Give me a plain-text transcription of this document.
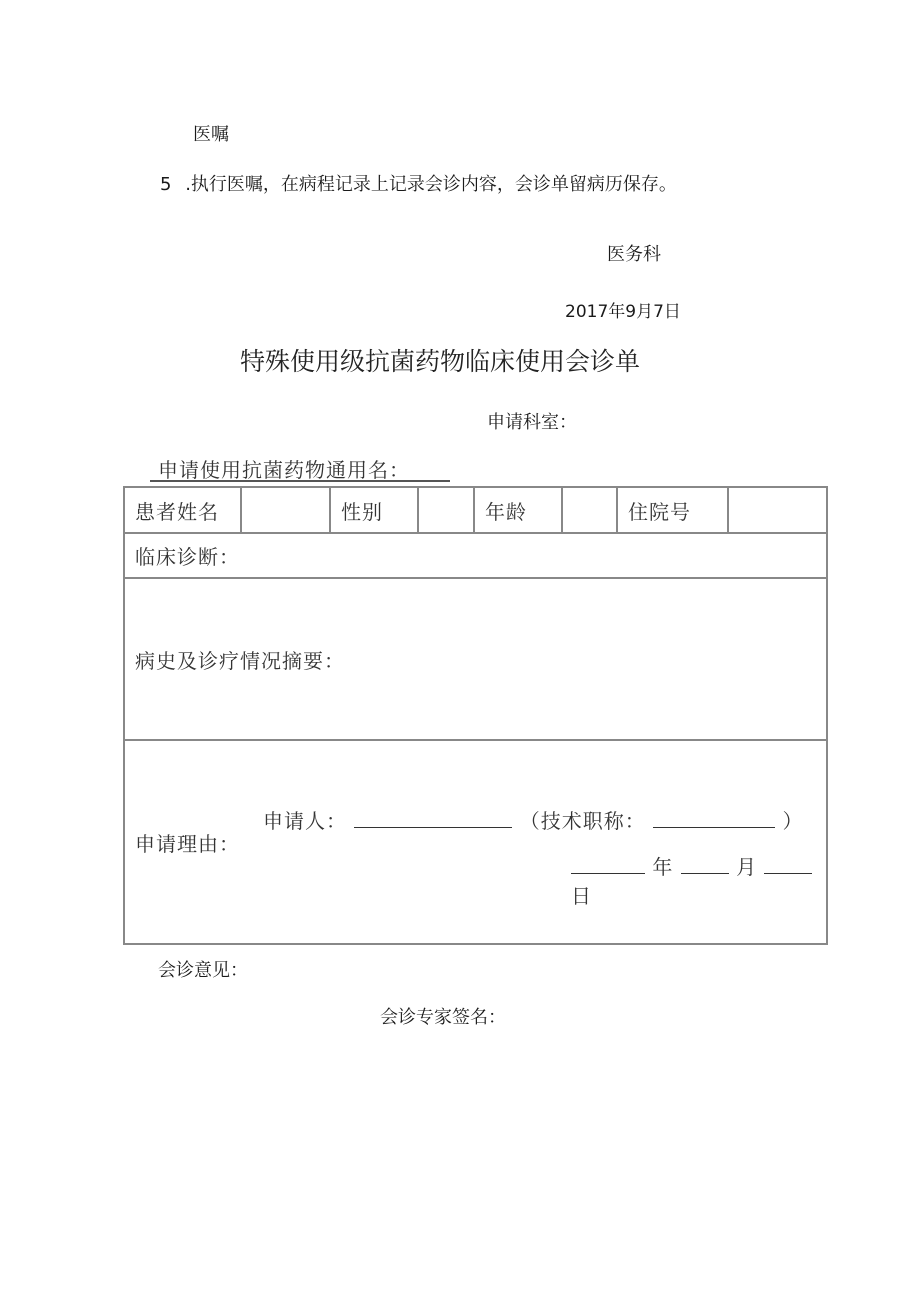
医嘱
5 .执行医嘱，在病程记录上记录会诊内容，会诊单留病历保存。
医务科
2017年9月7日
特殊使用级抗菌药物临床使用会诊单
申请科室：
申请使用抗菌药物通用名：
患者姓名		性别		年龄		住院号	
临床诊断：
病史及诊疗情况摘要：
申请理由：
申请人：	（技术职称：	）
年	月  日
会诊意见：
会诊专家签名：
